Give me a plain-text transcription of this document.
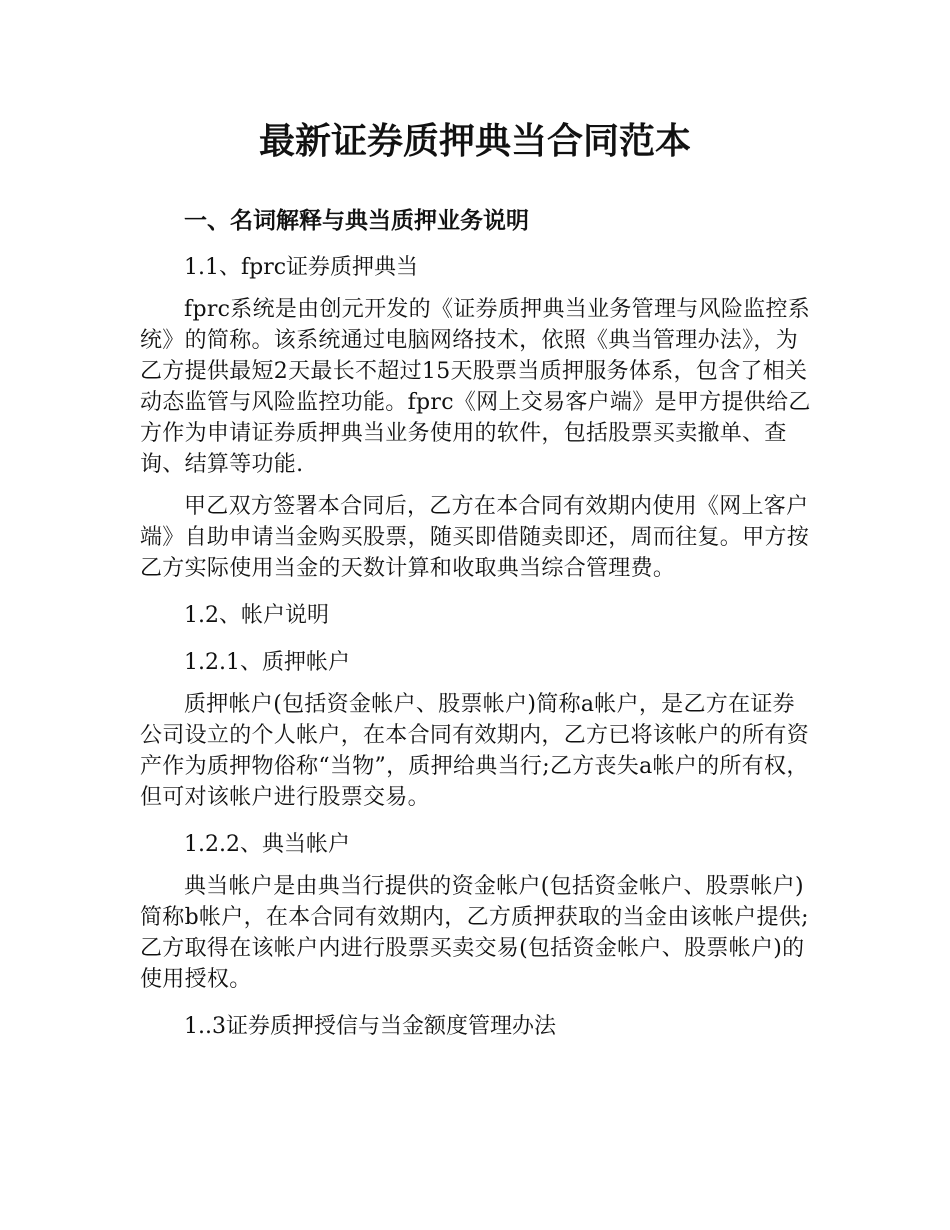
最新证券质押典当合同范本
一、名词解释与典当质押业务说明
1.1、fprc证券质押典当

fprc系统是由创元开发的《证券质押典当业务管理与风险监控系统》的简称。该系统通过电脑网络技术，依照《典当管理办法》，为乙方提供最短2天最长不超过15天股票当质押服务体系，包含了相关动态监管与风险监控功能。fprc《网上交易客户端》是甲方提供给乙方作为申请证券质押典当业务使用的软件，包括股票买卖撤单、查询、结算等功能.

甲乙双方签署本合同后，乙方在本合同有效期内使用《网上客户端》自助申请当金购买股票，随买即借随卖即还，周而往复。甲方按乙方实际使用当金的天数计算和收取典当综合管理费。

1.2、帐户说明
1.2.1、质押帐户

质押帐户(包括资金帐户、股票帐户)简称a帐户，是乙方在证券公司设立的个人帐户，在本合同有效期内，乙方已将该帐户的所有资产作为质押物俗称“当物”，质押给典当行;乙方丧失a帐户的所有权，但可对该帐户进行股票交易。

1.2.2、典当帐户

典当帐户是由典当行提供的资金帐户(包括资金帐户、股票帐户)简称b帐户，在本合同有效期内，乙方质押获取的当金由该帐户提供;乙方取得在该帐户内进行股票买卖交易(包括资金帐户、股票帐户)的使用授权。

1..3证券质押授信与当金额度管理办法
